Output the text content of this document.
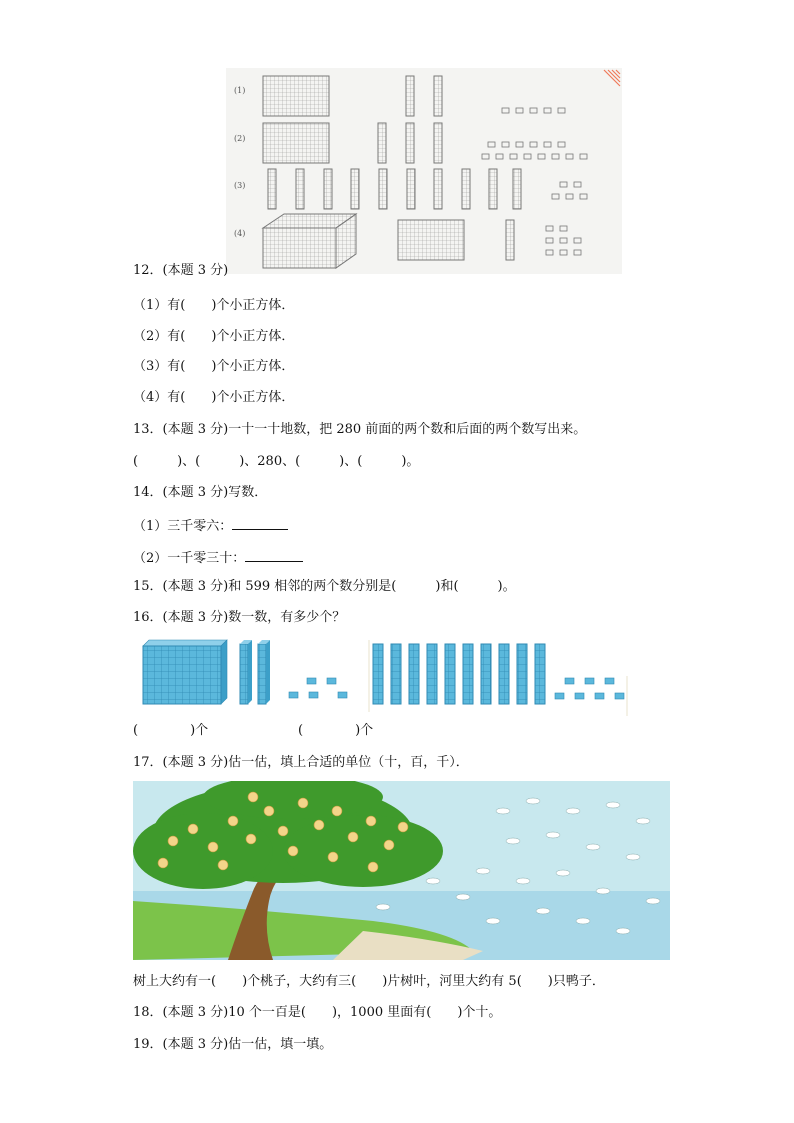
(1)
(2)
(3)
(4)
12．(本题 3 分)
（1）有(　　)个小正方体．
（2）有(　　)个小正方体．
（3）有(　　)个小正方体．
（4）有(　　)个小正方体．
13．(本题 3 分)一十一十地数，把 280 前面的两个数和后面的两个数写出来。
(　　　)、(　　　)、280、(　　　)、(　　　)。
14．(本题 3 分)写数．
（1）三千零六：
（2）一千零三十：
15．(本题 3 分)和 599 相邻的两个数分别是(　　　)和(　　　)。
16．(本题 3 分)数一数，有多少个？
(　　　　)个	(　　　　)个
17．(本题 3 分)估一估，填上合适的单位（十，百，千）．
树上大约有一(　　)个桃子，大约有三(　　)片树叶，河里大约有 5(　　)只鸭子．
18．(本题 3 分)10 个一百是(　　)，1000 里面有(　　)个十。
19．(本题 3 分)估一估，填一填。
